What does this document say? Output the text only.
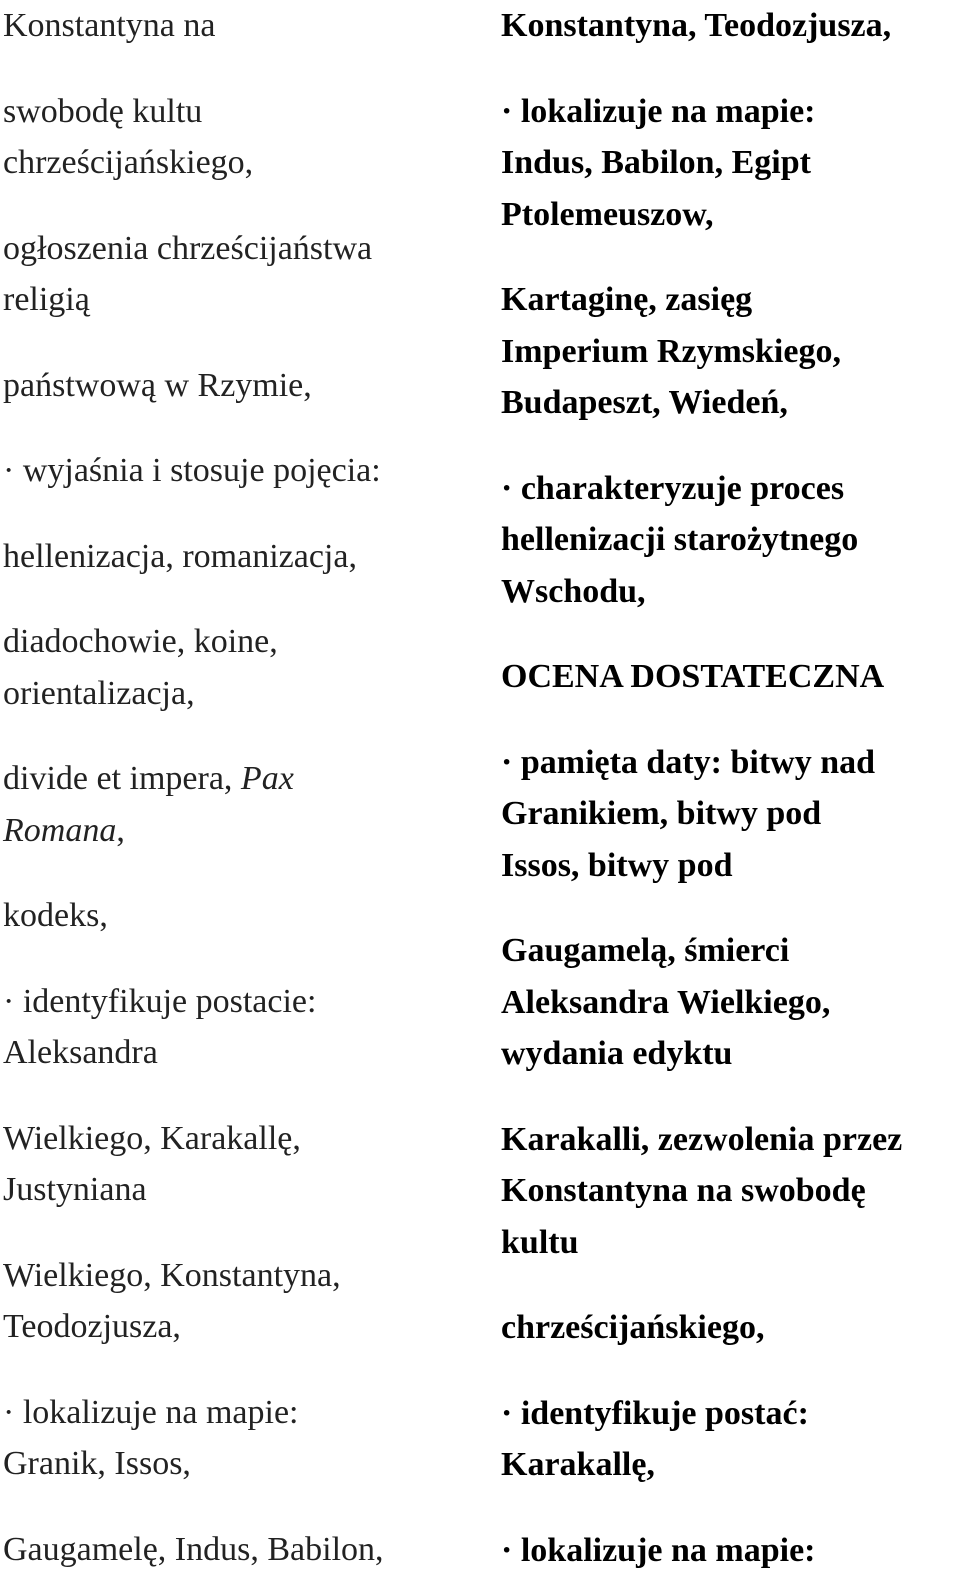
Konstantyna na

swobodę kultu
chrześcijańskiego,

ogłoszenia chrześcijaństwa
religią

państwową w Rzymie,

· wyjaśnia i stosuje pojęcia:

hellenizacja, romanizacja,

diadochowie, koine,
orientalizacja,

divide et impera, Pax
Romana,

kodeks,

· identyfikuje postacie:
Aleksandra

Wielkiego, Karakallę,
Justyniana

Wielkiego, Konstantyna,
Teodozjusza,

· lokalizuje na mapie:
Granik, Issos,

Gaugamelę, Indus, Babilon,

Konstantyna, Teodozjusza,

· lokalizuje na mapie:
Indus, Babilon, Egipt
Ptolemeuszow,

Kartaginę, zasięg
Imperium Rzymskiego,
Budapeszt, Wiedeń,

· charakteryzuje proces
hellenizacji starożytnego
Wschodu,

OCENA DOSTATECZNA

· pamięta daty: bitwy nad
Granikiem, bitwy pod
Issos, bitwy pod

Gaugamelą, śmierci
Aleksandra Wielkiego,
wydania edyktu

Karakalli, zezwolenia przez
Konstantyna na swobodę
kultu

chrześcijańskiego,

· identyfikuje postać:
Karakallę,

· lokalizuje na mapie:
